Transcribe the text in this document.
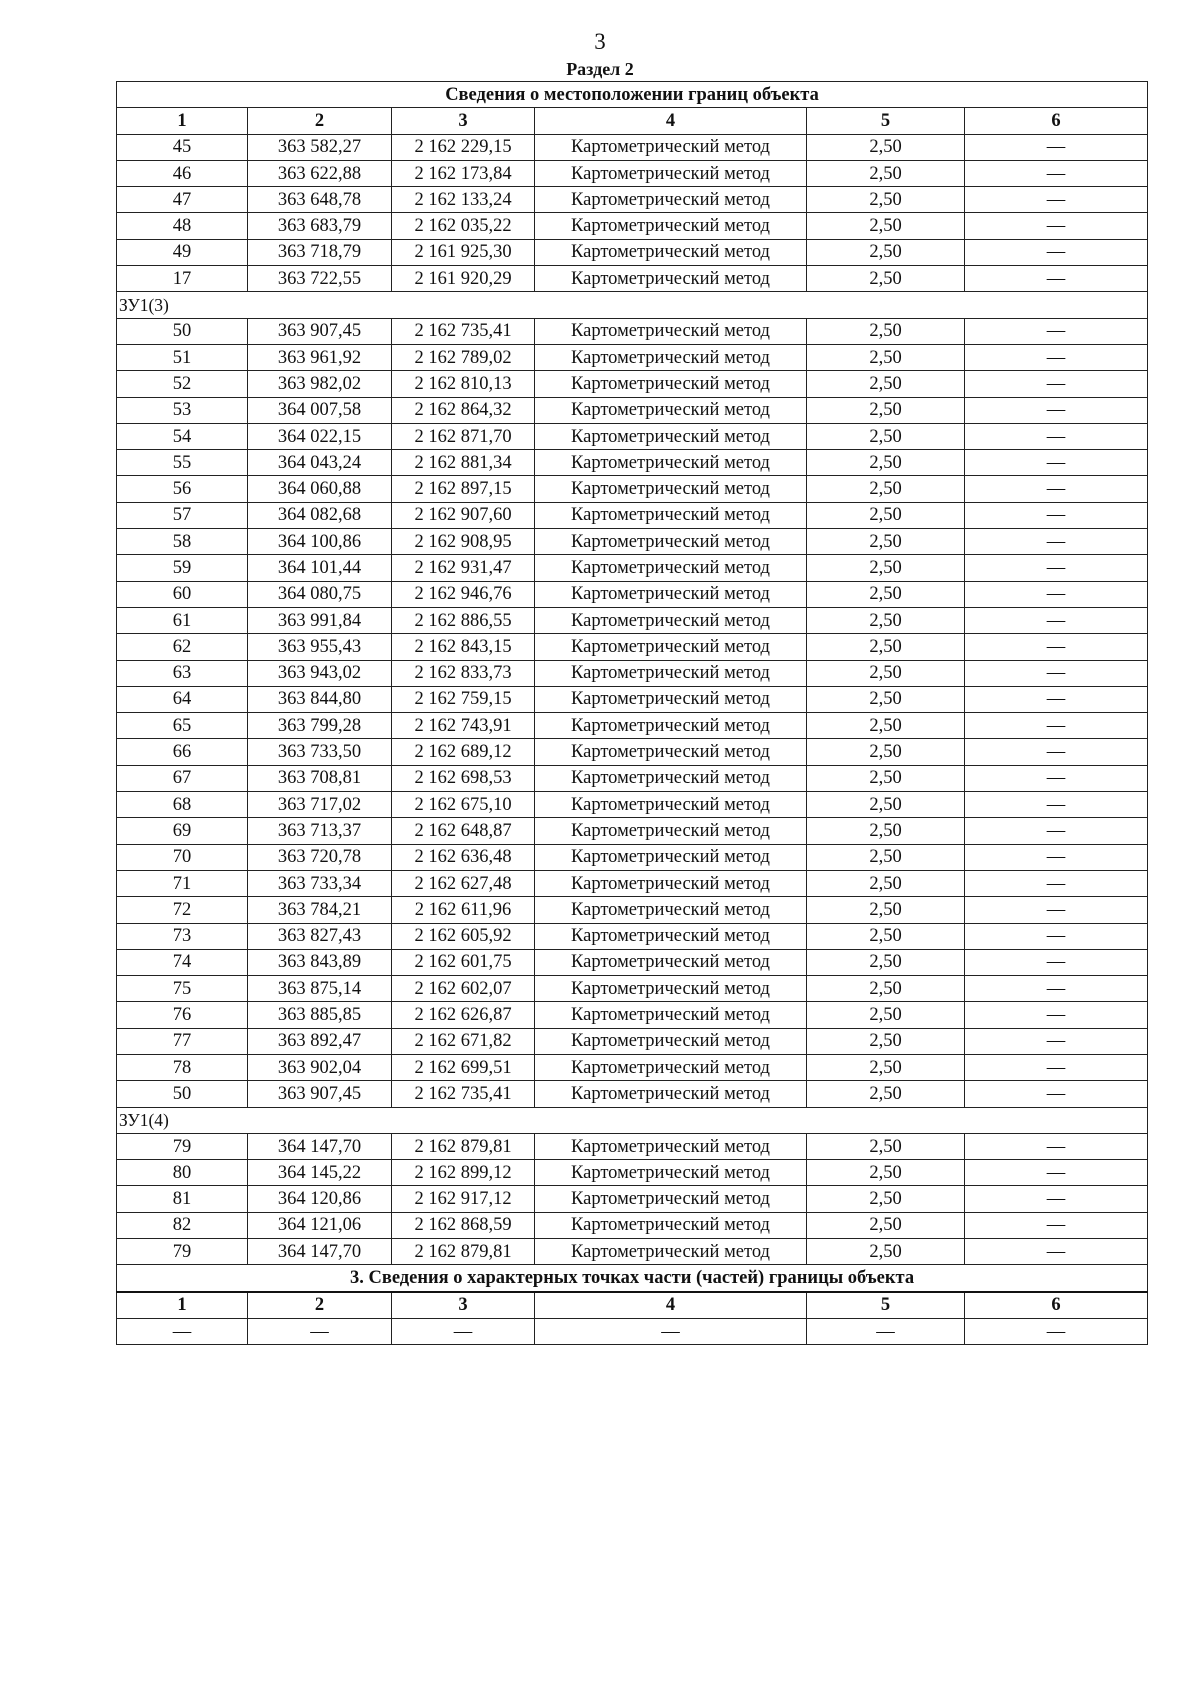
3
Раздел 2
Сведения о местоположении границ объекта					
1	2	3	4	5	6
45	363 582,27	2 162 229,15	Картометрический метод	2,50	—
46	363 622,88	2 162 173,84	Картометрический метод	2,50	—
47	363 648,78	2 162 133,24	Картометрический метод	2,50	—
48	363 683,79	2 162 035,22	Картометрический метод	2,50	—
49	363 718,79	2 161 925,30	Картометрический метод	2,50	—
17	363 722,55	2 161 920,29	Картометрический метод	2,50	—
ЗУ1(3)					
50	363 907,45	2 162 735,41	Картометрический метод	2,50	—
51	363 961,92	2 162 789,02	Картометрический метод	2,50	—
52	363 982,02	2 162 810,13	Картометрический метод	2,50	—
53	364 007,58	2 162 864,32	Картометрический метод	2,50	—
54	364 022,15	2 162 871,70	Картометрический метод	2,50	—
55	364 043,24	2 162 881,34	Картометрический метод	2,50	—
56	364 060,88	2 162 897,15	Картометрический метод	2,50	—
57	364 082,68	2 162 907,60	Картометрический метод	2,50	—
58	364 100,86	2 162 908,95	Картометрический метод	2,50	—
59	364 101,44	2 162 931,47	Картометрический метод	2,50	—
60	364 080,75	2 162 946,76	Картометрический метод	2,50	—
61	363 991,84	2 162 886,55	Картометрический метод	2,50	—
62	363 955,43	2 162 843,15	Картометрический метод	2,50	—
63	363 943,02	2 162 833,73	Картометрический метод	2,50	—
64	363 844,80	2 162 759,15	Картометрический метод	2,50	—
65	363 799,28	2 162 743,91	Картометрический метод	2,50	—
66	363 733,50	2 162 689,12	Картометрический метод	2,50	—
67	363 708,81	2 162 698,53	Картометрический метод	2,50	—
68	363 717,02	2 162 675,10	Картометрический метод	2,50	—
69	363 713,37	2 162 648,87	Картометрический метод	2,50	—
70	363 720,78	2 162 636,48	Картометрический метод	2,50	—
71	363 733,34	2 162 627,48	Картометрический метод	2,50	—
72	363 784,21	2 162 611,96	Картометрический метод	2,50	—
73	363 827,43	2 162 605,92	Картометрический метод	2,50	—
74	363 843,89	2 162 601,75	Картометрический метод	2,50	—
75	363 875,14	2 162 602,07	Картометрический метод	2,50	—
76	363 885,85	2 162 626,87	Картометрический метод	2,50	—
77	363 892,47	2 162 671,82	Картометрический метод	2,50	—
78	363 902,04	2 162 699,51	Картометрический метод	2,50	—
50	363 907,45	2 162 735,41	Картометрический метод	2,50	—
ЗУ1(4)					
79	364 147,70	2 162 879,81	Картометрический метод	2,50	—
80	364 145,22	2 162 899,12	Картометрический метод	2,50	—
81	364 120,86	2 162 917,12	Картометрический метод	2,50	—
82	364 121,06	2 162 868,59	Картометрический метод	2,50	—
79	364 147,70	2 162 879,81	Картометрический метод	2,50	—
3. Сведения о характерных точках части (частей) границы объекта					
1	2	3	4	5	6
—	—	—	—	—	—
